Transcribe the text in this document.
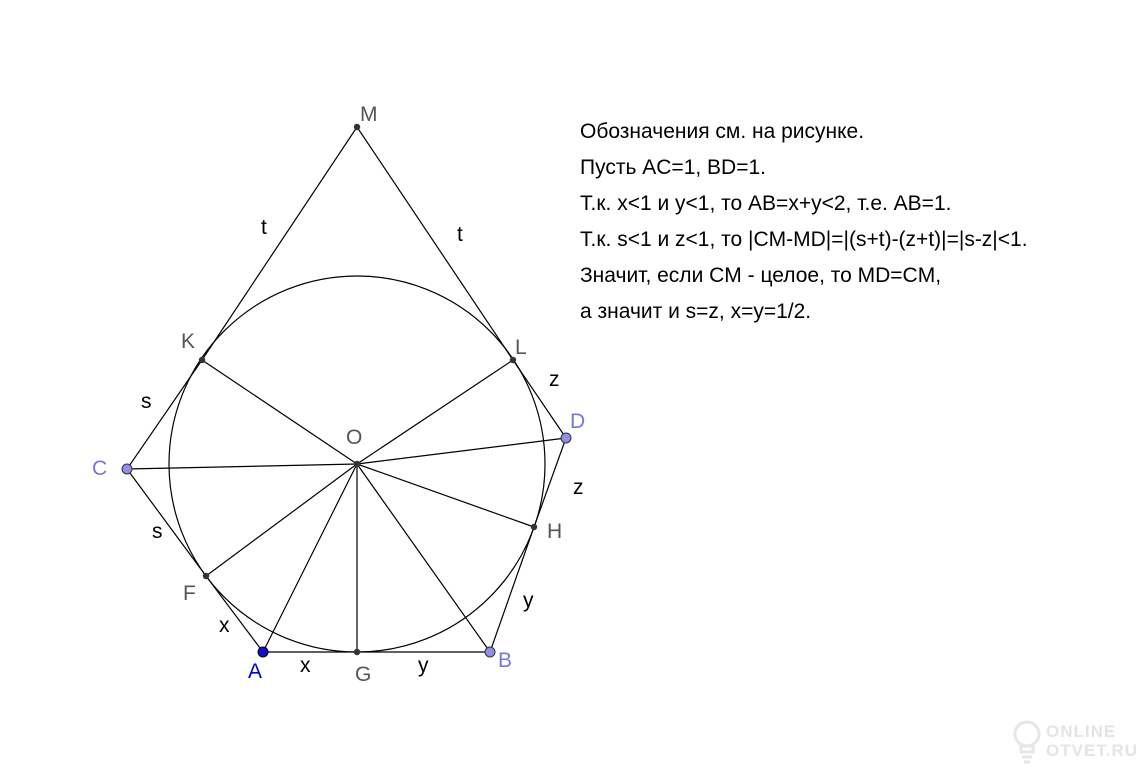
M
K	L
O
C
D
F
H
A	G
B
t	t
s
s
z
z
y
y
x
x
Обозначения см. на рисунке.
Пусть AC=1, BD=1.
Т.к. x<1 и y<1, то AB=x+y<2, т.е. AB=1.
Т.к. s<1 и z<1, то |CM-MD|=|(s+t)-(z+t)|=|s-z|<1.
Значит, если CM - целое, то MD=CM,
а значит и s=z, x=y=1/2.
ONLINE
OTVET.RU
